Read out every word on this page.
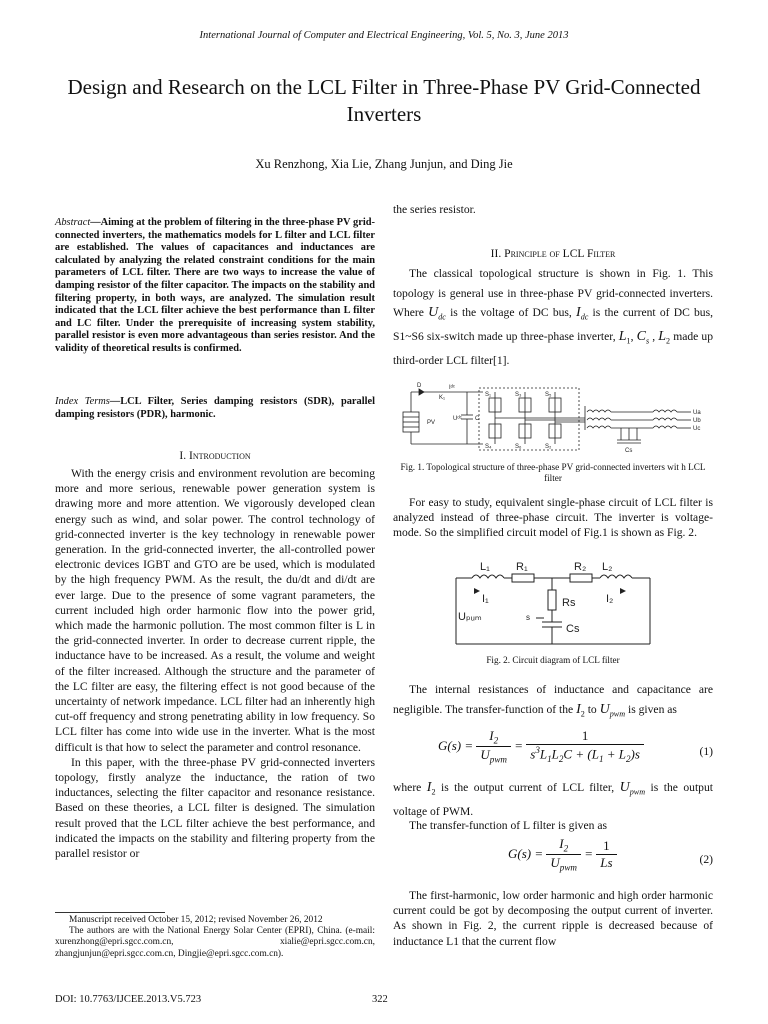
International Journal of Computer and Electrical Engineering, Vol. 5, No. 3, June 2013
Design and Research on the LCL Filter in Three-Phase PV Grid-Connected Inverters
Xu Renzhong, Xia Lie, Zhang Junjun, and Ding Jie
Abstract—Aiming at the problem of filtering in the three-phase PV grid-connected inverters, the mathematics models for L filter and LCL filter are established. The values of capacitances and inductances are calculated by analyzing the related constraint conditions for the main parameters of LCL filter. There are two ways to increase the value of damping resistor of the filter capacitor. The impacts on the stability and filtering property, in both ways, are analyzed. The simulation result indicated that the LCL filter achieve the best performance than L filter and LC filter. Under the prerequisite of increasing system stability, parallel resistor is even more advantageous than series resistor. And the validity of theoretical results is confirmed.
Index Terms—LCL Filter, Series damping resistors (SDR), parallel damping resistors (PDR), harmonic.
I. Introduction

With the energy crisis and environment revolution are becoming more and more serious, renewable power generation system is drawing more and more attention. We vigorously developed clean energy such as wind, and solar power. The control technology of grid-connected inverter is the key technology in renewable power generation. In the grid-connected inverter, the all-controlled power electronic devices IGBT and GTO are be used, which is modulated by the high frequency PWM. As the result, the du/dt and di/dt are ever large. Due to the presence of some vagrant parameters, the current included high order harmonic flow into the power grid, which made the harmonic pollution. The most common filter is L in the grid-connected inverter. In order to decrease current ripple, the inductance have to be increased. As a result, the volume and weight of the filter increased. Although the structure and the parameter of the LC filter are easy, the filtering effect is not good because of the uncertainty of network impedance. LCL filter had an inherently high cut-off frequency and strong penetrating ability in low frequency. So LCL filter has come into wide use in the inverter. What is the most difficult is that how to select the parameter and control resonance.

In this paper, with the three-phase PV grid-connected inverters topology, firstly analyze the inductance, the ration of two inductances, selecting the filter capacitor and resonance resistance. Based on these theories, a LCL filter is designed. The simulation result proved that the LCL filter achieve the best performance, and indicated the impacts on the stability and filtering property from the parallel resistor or

Manuscript received October 15, 2012; revised November 26, 2012

The authors are with the National Energy Solar Center (EPRI), China. (e-mail: xurenzhong@epri.sgcc.com.cn, xialie@epri.sgcc.com.cn, zhangjunjun@epri.sgcc.com.cn, Dingjie@epri.sgcc.com.cn).

DOI: 10.7763/IJCEE.2013.V5.723	322
the series resistor.
II. Principle of LCL Filter
The classical topological structure is shown in Fig. 1. This topology is general use in three-phase PV grid-connected inverters. Where $U_{dc}$ is the voltage of DC bus, $I_{dc}$ is the current of DC bus, S1~S6 six-switch made up three-phase inverter, $L_1$, $C_s$ , $L_2$ made up third-order LCL filter[1].
D
K₁
Iᵈᶜ
PV
Uᵈᶜ C
S₁	S₃	S₅
S₄	S₆	S₂
Cs
Ua
Ub
Uc
Fig. 1. Topological structure of three-phase PV grid-connected inverters wit h LCL filter
For easy to study, equivalent single-phase circuit of LCL filter is analyzed instead of three-phase circuit. The inverter is voltage-mode. So the simplified circuit model of Fig.1 is shown as Fig. 2.
L₁ R₁	R₂ L₂
I₁	I₂
Rs
Cs
Uₚᵤₘ	s
Fig. 2. Circuit diagram of LCL filter
The internal resistances of inductance and capacitance are negligible. The transfer-function of the $I_2$ to $U_{pwm}$ is given as
$G(s) = \frac{I_2}{U_{pwm}} = \frac{1}{s^3L_1L_2C + (L_1 + L_2)s}$	(1)
where $I_2$ is the output current of LCL filter, $U_{pwm}$ is the output voltage of PWM.
The transfer-function of L filter is given as
$G(s) = \frac{I_2}{U_{pwm}} = \frac{1}{Ls}$	(2)
The first-harmonic, low order harmonic and high order harmonic current could be got by decomposing the output current of inverter. As shown in Fig. 2, the current ripple is decreased because of inductance L1 that the current flow
